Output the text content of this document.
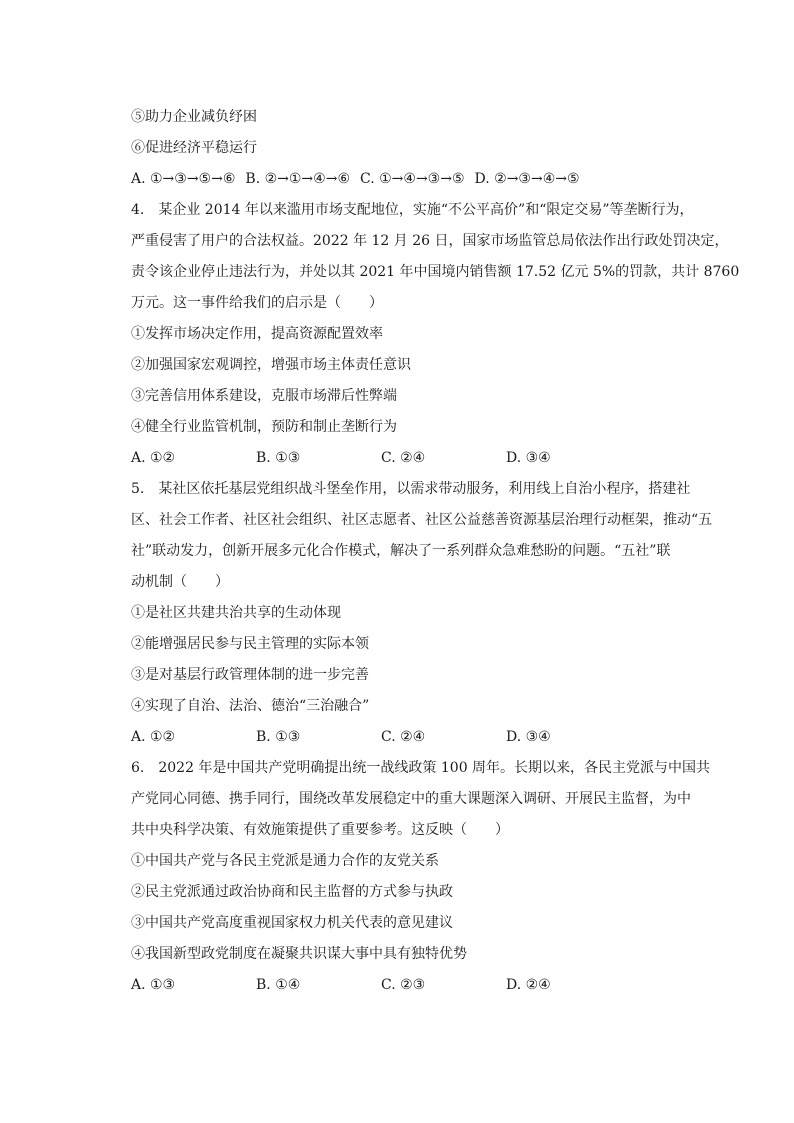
⑤助力企业减负纾困
⑥促进经济平稳运行
A. ①→③→⑤→⑥ B. ②→①→④→⑥ C. ①→④→③→⑤ D. ②→③→④→⑤
4.　某企业 2014 年以来滥用市场支配地位，实施“不公平高价”和“限定交易”等垄断行为，
严重侵害了用户的合法权益。2022 年 12 月 26 日，国家市场监管总局依法作出行政处罚决定，
责令该企业停止违法行为，并处以其 2021 年中国境内销售额 17.52 亿元 5%的罚款，共计 8760
万元。这一事件给我们的启示是（　　）
①发挥市场决定作用，提高资源配置效率
②加强国家宏观调控，增强市场主体责任意识
③完善信用体系建设，克服市场滞后性弊端
④健全行业监管机制，预防和制止垄断行为
A. ①②	B. ①③	C. ②④	D. ③④
5.　某社区依托基层党组织战斗堡垒作用，以需求带动服务，利用线上自治小程序，搭建社
区、社会工作者、社区社会组织、社区志愿者、社区公益慈善资源基层治理行动框架，推动“五
社”联动发力，创新开展多元化合作模式，解决了一系列群众急难愁盼的问题。“五社”联
动机制（　　）
①是社区共建共治共享的生动体现
②能增强居民参与民主管理的实际本领
③是对基层行政管理体制的进一步完善
④实现了自治、法治、德治“三治融合”
A. ①②	B. ①③	C. ②④	D. ③④
6.　2022 年是中国共产党明确提出统一战线政策 100 周年。长期以来，各民主党派与中国共
产党同心同德、携手同行，围绕改革发展稳定中的重大课题深入调研、开展民主监督，为中
共中央科学决策、有效施策提供了重要参考。这反映（　　）
①中国共产党与各民主党派是通力合作的友党关系
②民主党派通过政治协商和民主监督的方式参与执政
③中国共产党高度重视国家权力机关代表的意见建议
④我国新型政党制度在凝聚共识谋大事中具有独特优势
A. ①③	B. ①④	C. ②③	D. ②④
